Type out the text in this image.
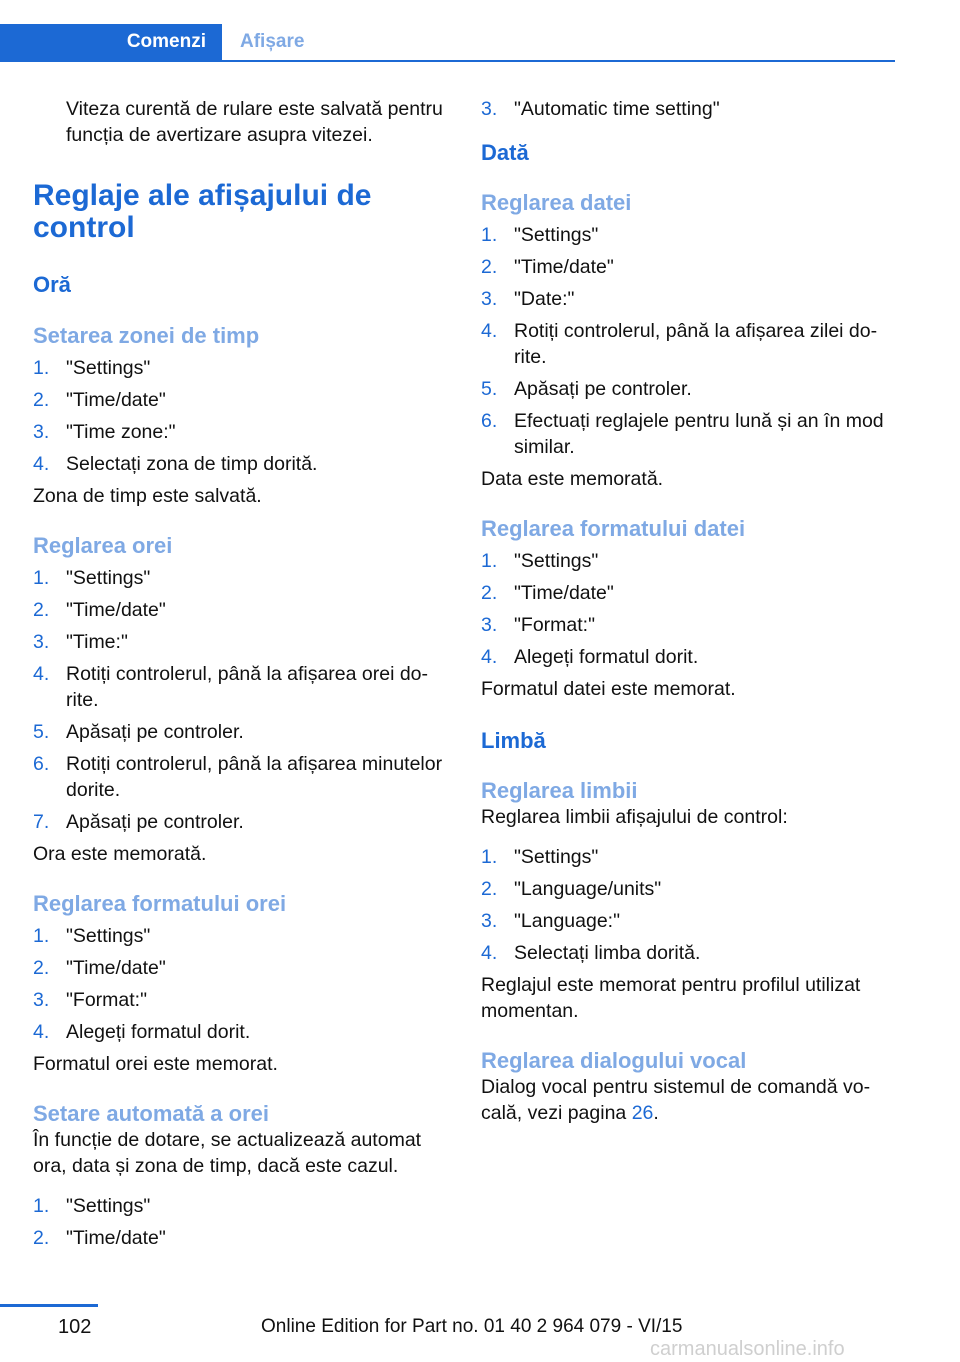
Comenzi	Afișare

Viteza curentă de rulare este salvată pentru funcția de avertizare asupra vitezei.

Reglaje ale afișajului de control
Oră
Setarea zonei de timp
1. "Settings"
2. "Time/date"
3. "Time zone:"
4. Selectați zona de timp dorită.

Zona de timp este salvată.

Reglarea orei
1. "Settings"
2. "Time/date"
3. "Time:"
4. Rotiți controlerul, până la afișarea orei dorite.
5. Apăsați pe controler.
6. Rotiți controlerul, până la afișarea minutelor dorite.
7. Apăsați pe controler.

Ora este memorată.

Reglarea formatului orei
1. "Settings"
2. "Time/date"
3. "Format:"
4. Alegeți formatul dorit.

Formatul orei este memorat.

Setare automată a orei

În funcție de dotare, se actualizează automat ora, data și zona de timp, dacă este cazul.

1. "Settings"
2. "Time/date"
3. "Automatic time setting"
Dată
Reglarea datei
1. "Settings"
2. "Time/date"
3. "Date:"
4. Rotiți controlerul, până la afișarea zilei dorite.
5. Apăsați pe controler.
6. Efectuați reglajele pentru lună și an în mod similar.

Data este memorată.

Reglarea formatului datei
1. "Settings"
2. "Time/date"
3. "Format:"
4. Alegeți formatul dorit.

Formatul datei este memorat.

Limbă
Reglarea limbii

Reglarea limbii afișajului de control:

1. "Settings"
2. "Language/units"
3. "Language:"
4. Selectați limba dorită.

Reglajul este memorat pentru profilul utilizat momentan.

Reglarea dialogului vocal

Dialog vocal pentru sistemul de comandă vocală, vezi pagina 26.

102	Online Edition for Part no. 01 40 2 964 079 - VI/15
carmanualsonline.info
